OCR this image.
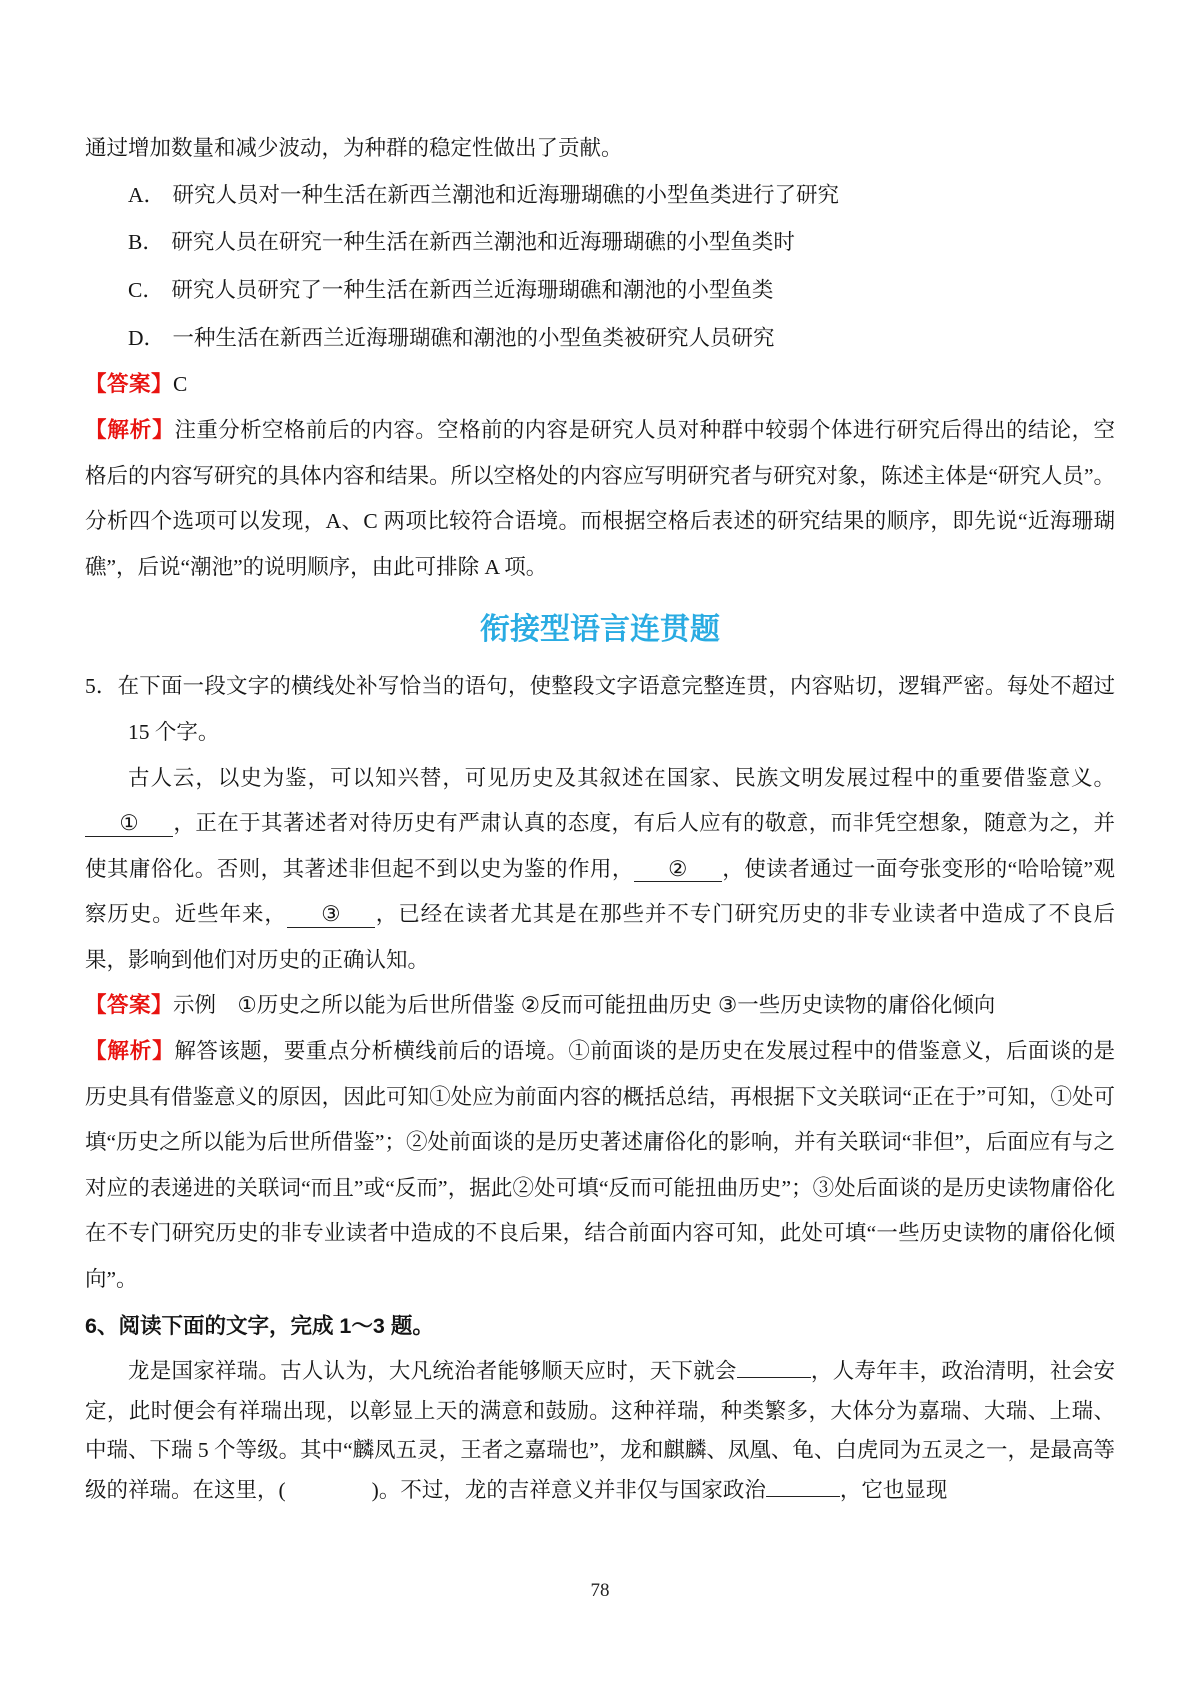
通过增加数量和减少波动，为种群的稳定性做出了贡献。

A． 研究人员对一种生活在新西兰潮池和近海珊瑚礁的小型鱼类进行了研究

B． 研究人员在研究一种生活在新西兰潮池和近海珊瑚礁的小型鱼类时

C． 研究人员研究了一种生活在新西兰近海珊瑚礁和潮池的小型鱼类

D． 一种生活在新西兰近海珊瑚礁和潮池的小型鱼类被研究人员研究

【答案】C

【解析】注重分析空格前后的内容。空格前的内容是研究人员对种群中较弱个体进行研究后得出的结论，空格后的内容写研究的具体内容和结果。所以空格处的内容应写明研究者与研究对象，陈述主体是“研究人员”。分析四个选项可以发现，A、C 两项比较符合语境。而根据空格后表述的研究结果的顺序，即先说“近海珊瑚礁”，后说“潮池”的说明顺序，由此可排除 A 项。

衔接型语言连贯题

5．在下面一段文字的横线处补写恰当的语句，使整段文字语意完整连贯，内容贴切，逻辑严密。每处不超过 15 个字。

古人云，以史为鉴，可以知兴替，可见历史及其叙述在国家、民族文明发展过程中的重要借鉴意义。① ，正在于其著述者对待历史有严肃认真的态度，有后人应有的敬意，而非凭空想象，随意为之，并使其庸俗化。否则，其著述非但起不到以史为鉴的作用， ② ，使读者通过一面夸张变形的“哈哈镜”观察历史。近些年来， ③ ，已经在读者尤其是在那些并不专门研究历史的非专业读者中造成了不良后果，影响到他们对历史的正确认知。

【答案】示例　①历史之所以能为后世所借鉴 ②反而可能扭曲历史 ③一些历史读物的庸俗化倾向

【解析】解答该题，要重点分析横线前后的语境。①前面谈的是历史在发展过程中的借鉴意义，后面谈的是历史具有借鉴意义的原因，因此可知①处应为前面内容的概括总结，再根据下文关联词“正在于”可知，①处可填“历史之所以能为后世所借鉴”；②处前面谈的是历史著述庸俗化的影响，并有关联词“非但”，后面应有与之对应的表递进的关联词“而且”或“反而”，据此②处可填“反而可能扭曲历史”；③处后面谈的是历史读物庸俗化在不专门研究历史的非专业读者中造成的不良后果，结合前面内容可知，此处可填“一些历史读物的庸俗化倾向”。

6、阅读下面的文字，完成 1～3 题。

龙是国家祥瑞。古人认为，大凡统治者能够顺天应时，天下就会	，人寿年丰，政治清明，社会安定，此时便会有祥瑞出现，以彰显上天的满意和鼓励。这种祥瑞，种类繁多，大体分为嘉瑞、大瑞、上瑞、中瑞、下瑞 5 个等级。其中“麟凤五灵，王者之嘉瑞也”，龙和麒麟、凤凰、龟、白虎同为五灵之一，是最高等级的祥瑞。在这里，(　　　　)。不过，龙的吉祥意义并非仅与国家政治	，它也显现

78
